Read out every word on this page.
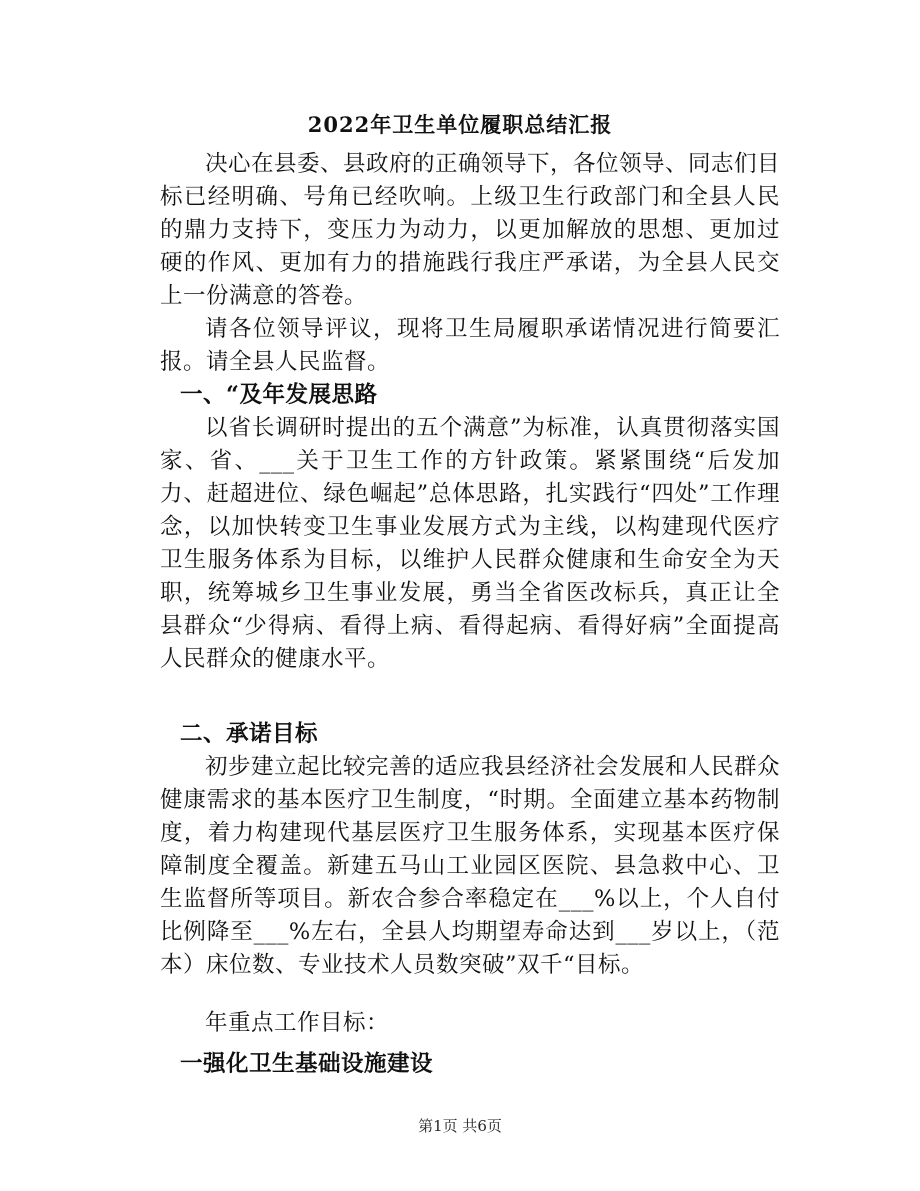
2022年卫生单位履职总结汇报

决心在县委、县政府的正确领导下，各位领导、同志们目标已经明确、号角已经吹响。上级卫生行政部门和全县人民的鼎力支持下，变压力为动力，以更加解放的思想、更加过硬的作风、更加有力的措施践行我庄严承诺，为全县人民交上一份满意的答卷。

请各位领导评议，现将卫生局履职承诺情况进行简要汇报。请全县人民监督。

一、“及年发展思路

以省长调研时提出的五个满意”为标准，认真贯彻落实国家、省、___关于卫生工作的方针政策。紧紧围绕“后发加力、赶超进位、绿色崛起”总体思路，扎实践行“四处”工作理念，以加快转变卫生事业发展方式为主线，以构建现代医疗卫生服务体系为目标，以维护人民群众健康和生命安全为天职，统筹城乡卫生事业发展，勇当全省医改标兵，真正让全县群众“少得病、看得上病、看得起病、看得好病”全面提高人民群众的健康水平。

二、承诺目标

初步建立起比较完善的适应我县经济社会发展和人民群众健康需求的基本医疗卫生制度，“时期。全面建立基本药物制度，着力构建现代基层医疗卫生服务体系，实现基本医疗保障制度全覆盖。新建五马山工业园区医院、县急救中心、卫生监督所等项目。新农合参合率稳定在___%以上，个人自付比例降至___%左右，全县人均期望寿命达到___岁以上，（范本）床位数、专业技术人员数突破”双千“目标。

年重点工作目标：

一强化卫生基础设施建设
第1页 共6页
